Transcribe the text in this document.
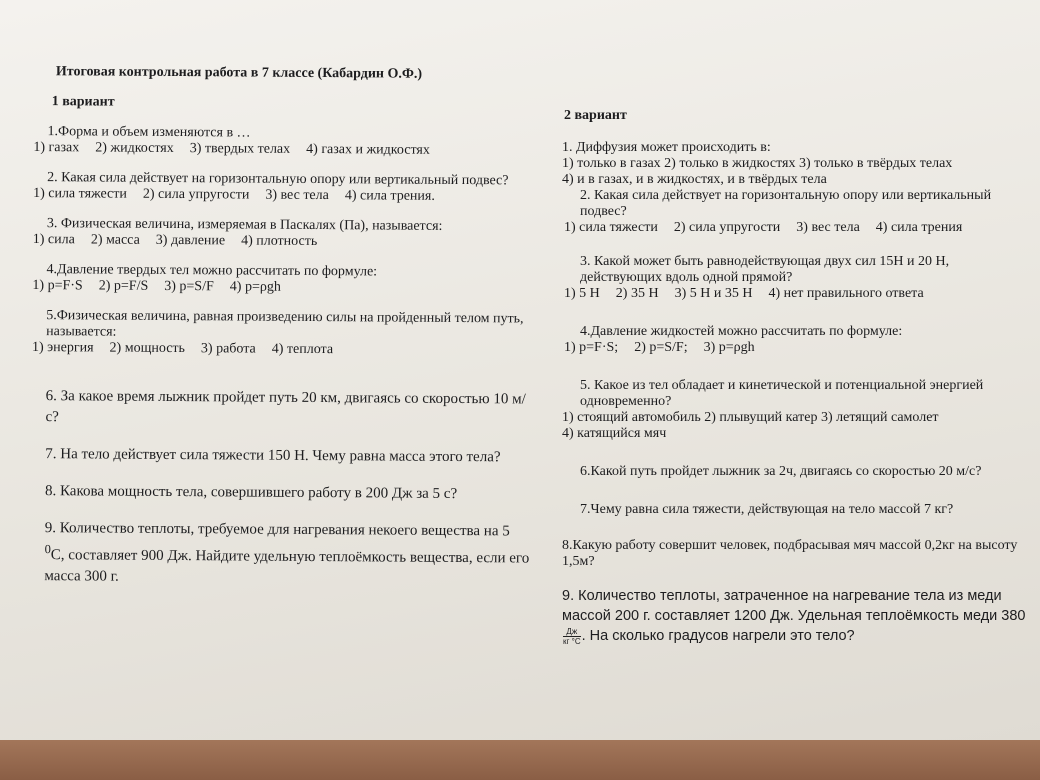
Итоговая контрольная работа в 7 классе (Кабардин О.Ф.)
1 вариант
1.Форма и объем изменяются в …
1) газах 2) жидкостях 3) твердых телах 4) газах и жидкостях
2. Какая сила действует на горизонтальную опору или вертикальный подвес?
1) сила тяжести 2) сила упругости 3) вес тела 4) сила трения.
3. Физическая величина, измеряемая в Паскалях (Па), называется:
1) сила 2) масса 3) давление 4) плотность
4.Давление твердых тел можно рассчитать по формуле:
1) p=F·S 2) p=F/S 3) p=S/F 4) p=ρgh
5.Физическая величина, равная произведению силы на пройденный телом путь, называется:
1) энергия 2) мощность 3) работа 4) теплота
6. За какое время лыжник пройдет путь 20 км, двигаясь со скоростью 10 м/с?
7. На тело действует сила тяжести 150 Н. Чему равна масса этого тела?
8. Какова мощность тела, совершившего работу в 200 Дж за 5 с?
9. Количество теплоты, требуемое для нагревания некоего вещества на 5 $^0$С, составляет 900 Дж. Найдите удельную теплоёмкость вещества, если его масса 300 г.
2 вариант
1. Диффузия может происходить в:
1) только в газах 2) только в жидкостях 3) только в твёрдых телах
4) и в газах, и в жидкостях, и в твёрдых тела
2. Какая сила действует на горизонтальную опору или вертикальный подвес?
1) сила тяжести 2) сила упругости 3) вес тела 4) сила трения
3. Какой может быть равнодействующая двух сил 15Н и 20 Н, действующих вдоль одной прямой?
1) 5 Н 2) 35 Н 3) 5 Н и 35 Н 4) нет правильного ответа
4.Давление жидкостей можно рассчитать по формуле:
1) p=F·S; 2) p=S/F; 3) p=ρgh
5. Какое из тел обладает и кинетической и потенциальной энергией одновременно?
1) стоящий автомобиль 2) плывущий катер 3) летящий самолет
4) катящийся мяч
6.Какой путь пройдет лыжник за 2ч, двигаясь со скоростью 20 м/с?
7.Чему равна сила тяжести, действующая на тело массой 7 кг?
8.Какую работу совершит человек, подбрасывая мяч массой 0,2кг на высоту 1,5м?
9. Количество теплоты, затраченное на нагревание тела из меди массой 200 г. составляет 1200 Дж. Удельная теплоёмкость меди 380
$\frac{Дж}{кг ^\circ С}$ . На сколько градусов нагрели это тело?
